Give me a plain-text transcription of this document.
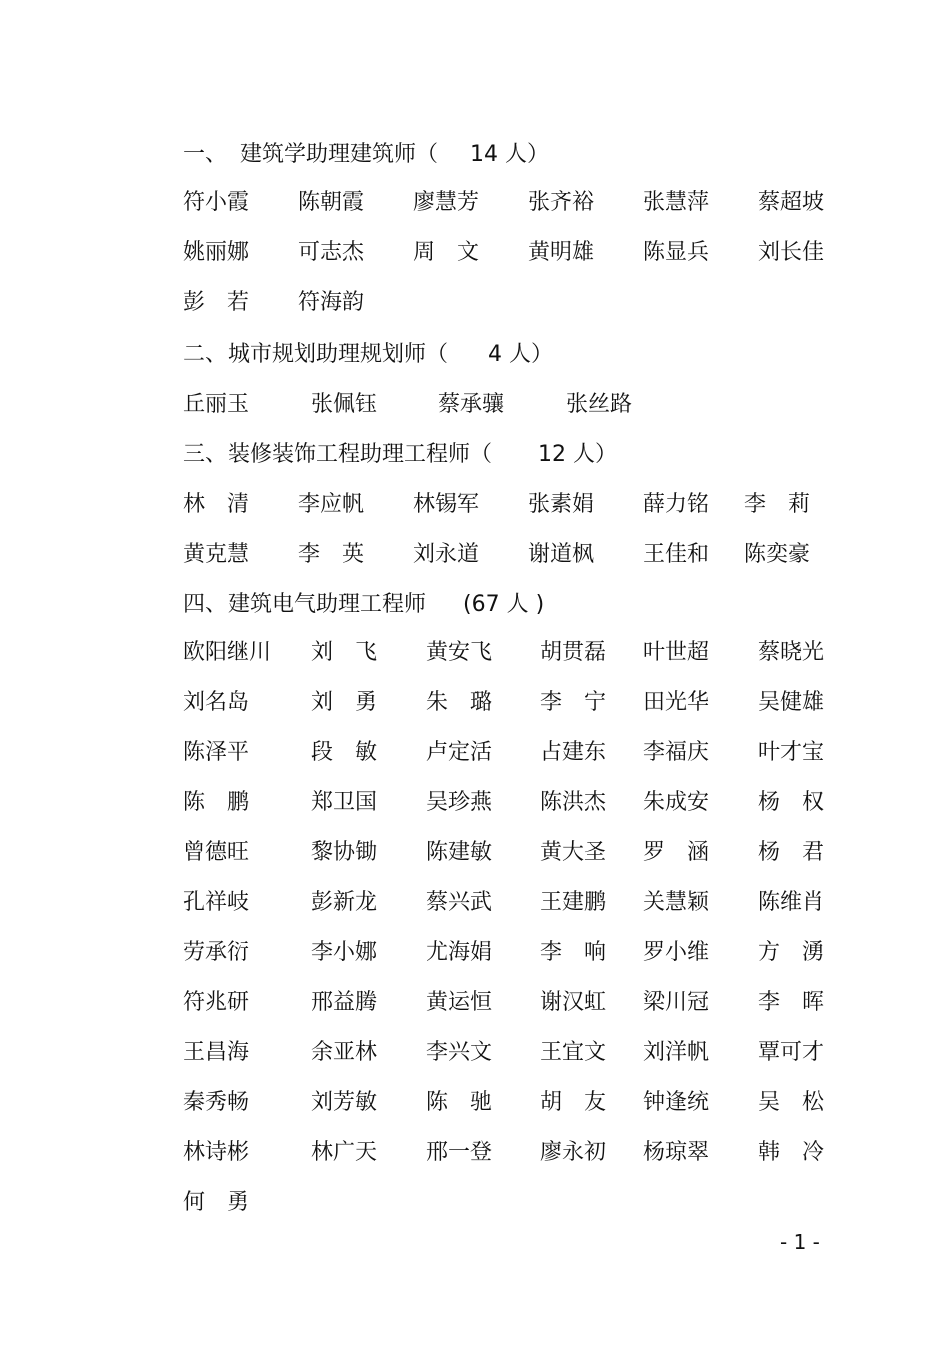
一、 建筑学助理建筑师（ 14 人）
符小霞 陈朝霞 廖慧芳 张齐裕 张慧萍 蔡超坡
姚丽娜 可志杰 周　文 黄明雄 陈显兵 刘长佳
彭　若 符海韵
二、 城市规划助理规划师（ 4 人）
丘丽玉	张佩钰	蔡承骧	张丝路
三、 装修装饰工程助理工程师（ 12 人）
林　清 李应帆 林锡军 张素娟 薛力铭 李　莉
黄克慧 李　英 刘永道 谢道枫 王佳和 陈奕豪
四、 建筑电气助理工程师 (67 人 )
欧阳继川 刘　飞 黄安飞 胡贯磊 叶世超 蔡晓光
刘名岛	刘　勇 朱　璐 李　宁 田光华 吴健雄
陈泽平	段　敏 卢定活 占建东 李福庆 叶才宝
陈　鹏	郑卫国 吴珍燕 陈洪杰 朱成安 杨　权
曾德旺	黎协锄 陈建敏 黄大圣 罗　涵 杨　君
孔祥岐	彭新龙 蔡兴武 王建鹏 关慧颖 陈维肖
劳承衍	李小娜 尤海娟 李　响 罗小维 方　湧
符兆研	邢益腾 黄运恒 谢汉虹 梁川冠 李　晖
王昌海	余亚林 李兴文 王宜文 刘洋帆 覃可才
秦秀畅	刘芳敏 陈　驰 胡　友 钟逢统 吴　松
林诗彬	林广天 邢一登 廖永初 杨琼翠 韩　冷
何　勇
- 1 -
